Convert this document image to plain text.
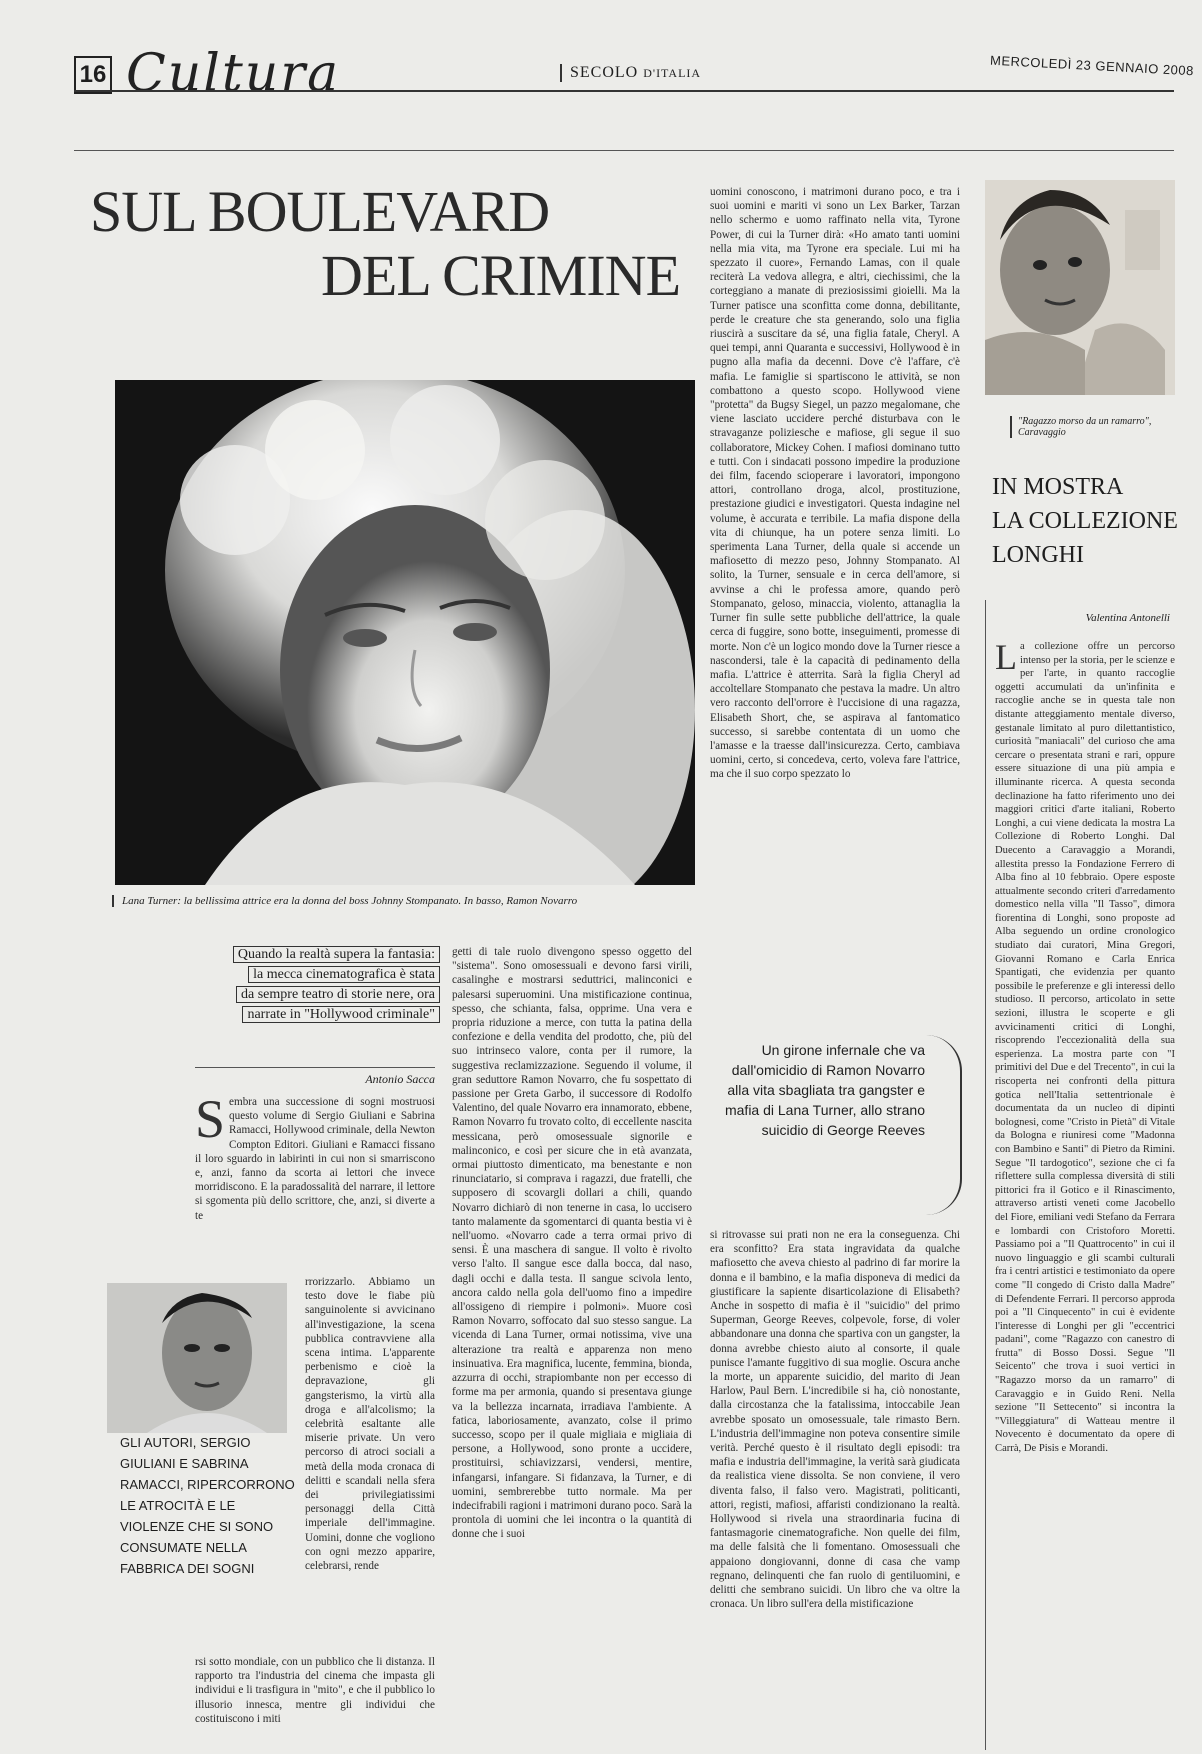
16 Cultura	SECOLO D'ITALIA	MERCOLEDÌ 23 GENNAIO 2008
SUL BOULEVARD
DEL CRIMINE
Lana Turner: la bellissima attrice era la donna del boss Johnny Stompanato. In basso, Ramon Novarro
Quando la realtà supera la fantasia:
la mecca cinematografica è stata
da sempre teatro di storie nere, ora
narrate in "Hollywood criminale"
Antonio Sacca
S embra una successione di sogni mostruosi questo volume di Sergio Giuliani e Sabrina Ramacci, Hollywood criminale, della Newton Compton Editori. Giuliani e Ramacci fissano il loro sguardo in labirinti in cui non si smarriscono e, anzi, fanno da scorta ai lettori che invece morridiscono. E la paradossalità del narrare, il lettore si sgomenta più dello scrittore, che, anzi, si diverte a te
rrorizzarlo. Abbiamo un testo dove le fiabe più sanguinolente si avvicinano all'investigazione, la scena pubblica contravviene alla scena intima. L'apparente perbenismo e cioè la depravazione, gli gangsterismo, la virtù alla droga e all'alcolismo; la celebrità esaltante alle miserie private. Un vero percorso di atroci sociali a metà della moda cronaca di delitti e scandali nella sfera dei privilegiatissimi personaggi della Città imperiale dell'immagine. Uomini, donne che vogliono con ogni mezzo apparire, celebrarsi, rende
rsi sotto mondiale, con un pubblico che li distanza. Il rapporto tra l'industria del cinema che impasta gli individui e li trasfigura in "mito", e che il pubblico lo illusorio innesca, mentre gli individui che costituiscono i miti
GLI AUTORI, SERGIO GIULIANI E SABRINA RAMACCI, RIPERCORRONO LE ATROCITÀ E LE VIOLENZE CHE SI SONO CONSUMATE NELLA FABBRICA DEI SOGNI
getti di tale ruolo divengono spesso oggetto del "sistema". Sono omosessuali e devono farsi virili, casalinghe e mostrarsi seduttrici, malinconici e palesarsi superuomini. Una mistificazione continua, spesso, che schianta, falsa, opprime. Una vera e propria riduzione a merce, con tutta la patina della confezione e della vendita del prodotto, che, più del suo intrinseco valore, conta per il rumore, la suggestiva reclamizzazione. Seguendo il volume, il gran seduttore Ramon Novarro, che fu sospettato di passione per Greta Garbo, il successore di Rodolfo Valentino, del quale Novarro era innamorato, ebbene, Ramon Novarro fu trovato colto, di eccellente nascita messicana, però omosessuale signorile e malinconico, e così per sicure che in età avanzata, ormai piuttosto dimenticato, ma benestante e non rinunciatario, si comprava i ragazzi, due fratelli, che supposero di scovargli dollari a chili, quando Novarro dichiarò di non tenerne in casa, lo uccisero tanto malamente da sgomentarci di quanta bestia vi è nell'uomo. «Novarro cade a terra ormai privo di sensi. È una maschera di sangue. Il volto è rivolto verso l'alto. Il sangue esce dalla bocca, dal naso, dagli occhi e dalla testa. Il sangue scivola lento, ancora caldo nella gola dell'uomo fino a impedire all'ossigeno di riempire i polmoni». Muore così Ramon Novarro, soffocato dal suo stesso sangue. La vicenda di Lana Turner, ormai notissima, vive una alterazione tra realtà e apparenza non meno insinuativa. Era magnifica, lucente, femmina, bionda, azzurra di occhi, strapiombante non per eccesso di forme ma per armonia, quando si presentava giunge va la bellezza incarnata, irradiava l'ambiente. A fatica, laboriosamente, avanzato, colse il primo successo, scopo per il quale migliaia e migliaia di persone, a Hollywood, sono pronte a uccidere, prostituirsi, schiavizzarsi, vendersi, mentire, infangarsi, infangare. Si fidanzava, la Turner, e di uomini, sembrerebbe tutto normale. Ma per indecifrabili ragioni i matrimoni durano poco. Sarà la prontola di uomini che lei incontra o la quantità di donne che i suoi
uomini conoscono, i matrimoni durano poco, e tra i suoi uomini e mariti vi sono un Lex Barker, Tarzan nello schermo e uomo raffinato nella vita, Tyrone Power, di cui la Turner dirà: «Ho amato tanti uomini nella mia vita, ma Tyrone era speciale. Lui mi ha spezzato il cuore», Fernando Lamas, con il quale reciterà La vedova allegra, e altri, ciechissimi, che la corteggiano a manate di preziosissimi gioielli. Ma la Turner patisce una sconfitta come donna, debilitante, perde le creature che sta generando, solo una figlia riuscirà a suscitare da sé, una figlia fatale, Cheryl. A quei tempi, anni Quaranta e successivi, Hollywood è in pugno alla mafia da decenni. Dove c'è l'affare, c'è mafia. Le famiglie si spartiscono le attività, se non combattono a questo scopo. Hollywood viene "protetta" da Bugsy Siegel, un pazzo megalomane, che viene lasciato uccidere perché disturbava con le stravaganze poliziesche e mafiose, gli segue il suo collaboratore, Mickey Cohen. I mafiosi dominano tutto e tutti. Con i sindacati possono impedire la produzione dei film, facendo scioperare i lavoratori, impongono attori, controllano droga, alcol, prostituzione, prestazione giudici e investigatori. Questa indagine nel volume, è accurata e terribile. La mafia dispone della vita di chiunque, ha un potere senza limiti. Lo sperimenta Lana Turner, della quale si accende un mafiosetto di mezzo peso, Johnny Stompanato. Al solito, la Turner, sensuale e in cerca dell'amore, si avvinse a chi le professa amore, quando però Stompanato, geloso, minaccia, violento, attanaglia la Turner fin sulle sette pubbliche dell'attrice, la quale cerca di fuggire, sono botte, inseguimenti, promesse di morte. Non c'è un logico mondo dove la Turner riesce a nascondersi, tale è la capacità di pedinamento della mafia. L'attrice è atterrita. Sarà la figlia Cheryl ad accoltellare Stompanato che pestava la madre. Un altro vero racconto dell'orrore è l'uccisione di una ragazza, Elisabeth Short, che, se aspirava al fantomatico successo, si sarebbe contentata di un uomo che l'amasse e la traesse dall'insicurezza. Certo, cambiava uomini, certo, si concedeva, certo, voleva fare l'attrice, ma che il suo corpo spezzato lo
Un girone infernale che va dall'omicidio di Ramon Novarro alla vita sbagliata tra gangster e mafia di Lana Turner, allo strano suicidio di George Reeves
si ritrovasse sui prati non ne era la conseguenza. Chi era sconfitto? Era stata ingravidata da qualche mafiosetto che aveva chiesto al padrino di far morire la donna e il bambino, e la mafia disponeva di medici da giustificare la sapiente disarticolazione di Elisabeth? Anche in sospetto di mafia è il "suicidio" del primo Superman, George Reeves, colpevole, forse, di voler abbandonare una donna che spartiva con un gangster, la donna avrebbe chiesto aiuto al consorte, il quale punisce l'amante fuggitivo di sua moglie. Oscura anche la morte, un apparente suicidio, del marito di Jean Harlow, Paul Bern. L'incredibile si ha, ciò nonostante, dalla circostanza che la fatalissima, intoccabile Jean avrebbe sposato un omosessuale, tale rimasto Bern. L'industria dell'immagine non poteva consentire simile verità. Perché questo è il risultato degli episodi: tra mafia e industria dell'immagine, la verità sarà giudicata da realistica viene dissolta. Se non conviene, il vero diventa falso, il falso vero. Magistrati, politicanti, attori, registi, mafiosi, affaristi condizionano la realtà. Hollywood si rivela una straordinaria fucina di fantasmagorie cinematografiche. Non quelle dei film, ma delle falsità che li fomentano. Omosessuali che appaiono dongiovanni, donne di casa che vamp regnano, delinquenti che fan ruolo di gentiluomini, e delitti che sembrano suicidi. Un libro che va oltre la cronaca. Un libro sull'era della mistificazione
"Ragazzo morso da un ramarro", Caravaggio
IN MOSTRA
LA COLLEZIONE
LONGHI
Valentina Antonelli
L a collezione offre un percorso intenso per la storia, per le scienze e per l'arte, in quanto raccoglie oggetti accumulati da un'infinita e raccoglie anche se in questa tale non distante atteggiamento mentale diverso, gestanale limitato al puro dilettantistico, curiosità "maniacali" del curioso che ama cercare o presentata strani e rari, oppure essere situazione di una più ampia e illuminante ricerca. A questa seconda declinazione ha fatto riferimento uno dei maggiori critici d'arte italiani, Roberto Longhi, a cui viene dedicata la mostra La Collezione di Roberto Longhi. Dal Duecento a Caravaggio a Morandi, allestita presso la Fondazione Ferrero di Alba fino al 10 febbraio. Opere esposte attualmente secondo criteri d'arredamento domestico nella villa "Il Tasso", dimora fiorentina di Longhi, sono proposte ad Alba seguendo un ordine cronologico studiato dai curatori, Mina Gregori, Giovanni Romano e Carla Enrica Spantigati, che evidenzia per quanto possibile le preferenze e gli interessi dello studioso. Il percorso, articolato in sette sezioni, illustra le scoperte e gli avvicinamenti critici di Longhi, riscoprendo l'eccezionalità della sua esperienza. La mostra parte con "I primitivi del Due e del Trecento", in cui la riscoperta nei confronti della pittura gotica nell'Italia settentrionale è documentata da un nucleo di dipinti bolognesi, come "Cristo in Pietà" di Vitale da Bologna e riuniresi come "Madonna con Bambino e Santi" di Pietro da Rimini. Segue "Il tardogotico", sezione che ci fa riflettere sulla complessa diversità di stili pittorici fra il Gotico e il Rinascimento, attraverso artisti veneti come Jacobello del Fiore, emiliani vedi Stefano da Ferrara e lombardi con Cristoforo Moretti. Passiamo poi a "Il Quattrocento" in cui il nuovo linguaggio e gli scambi culturali fra i centri artistici e testimoniato da opere come "Il congedo di Cristo dalla Madre" di Defendente Ferrari. Il percorso approda poi a "Il Cinquecento" in cui è evidente l'interesse di Longhi per gli "eccentrici padani", come "Ragazzo con canestro di frutta" di Bosso Dossi. Segue "Il Seicento" che trova i suoi vertici in "Ragazzo morso da un ramarro" di Caravaggio e in Guido Reni. Nella sezione "Il Settecento" si incontra la "Villeggiatura" di Watteau mentre il Novecento è documentato da opere di Carrà, De Pisis e Morandi.
